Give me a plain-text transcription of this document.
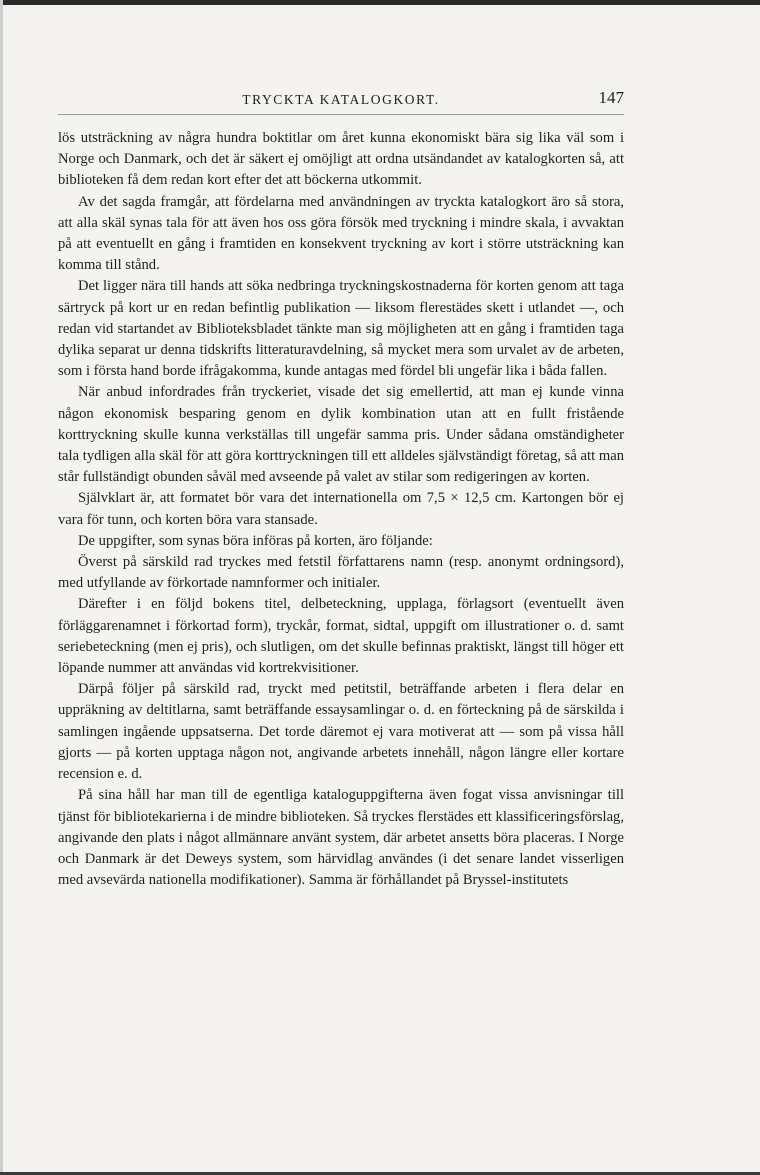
TRYCKTA KATALOGKORT.	147

lös utsträckning av några hundra boktitlar om året kunna ekonomiskt bära sig lika väl som i Norge och Danmark, och det är säkert ej omöjligt att ordna utsändandet av katalogkorten så, att biblioteken få dem redan kort efter det att böckerna utkommit.

Av det sagda framgår, att fördelarna med användningen av tryckta katalogkort äro så stora, att alla skäl synas tala för att även hos oss göra försök med tryckning i mindre skala, i avvaktan på att eventuellt en gång i framtiden en konsekvent tryckning av kort i större utsträckning kan komma till stånd.

Det ligger nära till hands att söka nedbringa tryckningskostnaderna för korten genom att taga särtryck på kort ur en redan befintlig publikation — liksom flerestädes skett i utlandet —, och redan vid startandet av Biblioteksbladet tänkte man sig möjligheten att en gång i framtiden taga dylika separat ur denna tidskrifts litteraturavdelning, så mycket mera som urvalet av de arbeten, som i första hand borde ifrågakomma, kunde antagas med fördel bli ungefär lika i båda fallen.

När anbud infordrades från tryckeriet, visade det sig emellertid, att man ej kunde vinna någon ekonomisk besparing genom en dylik kombination utan att en fullt fristående korttryckning skulle kunna verkställas till ungefär samma pris. Under sådana omständigheter tala tydligen alla skäl för att göra korttryckningen till ett alldeles självständigt företag, så att man står fullständigt obunden såväl med avseende på valet av stilar som redigeringen av korten.

Självklart är, att formatet bör vara det internationella om 7,5 × 12,5 cm. Kartongen bör ej vara för tunn, och korten böra vara stansade.

De uppgifter, som synas böra införas på korten, äro följande:

Överst på särskild rad tryckes med fetstil författarens namn (resp. anonymt ordningsord), med utfyllande av förkortade namnformer och initialer.

Därefter i en följd bokens titel, delbeteckning, upplaga, förlagsort (eventuellt även förläggarenamnet i förkortad form), tryckår, format, sidtal, uppgift om illustrationer o. d. samt seriebeteckning (men ej pris), och slutligen, om det skulle befinnas praktiskt, längst till höger ett löpande nummer att användas vid kortrekvisitioner.

Därpå följer på särskild rad, tryckt med petitstil, beträffande arbeten i flera delar en uppräkning av deltitlarna, samt beträffande essaysamlingar o. d. en förteckning på de särskilda i samlingen ingående uppsatserna. Det torde däremot ej vara motiverat att — som på vissa håll gjorts — på korten upptaga någon not, angivande arbetets innehåll, någon längre eller kortare recension e. d.

På sina håll har man till de egentliga kataloguppgifterna även fogat vissa anvisningar till tjänst för bibliotekarierna i de mindre biblioteken. Så tryckes flerstädes ett klassificeringsförslag, angivande den plats i något allmännare använt system, där arbetet ansetts böra placeras. I Norge och Danmark är det Deweys system, som härvidlag användes (i det senare landet visserligen med avsevärda nationella modifikationer). Samma är förhållandet på Bryssel-institutets
